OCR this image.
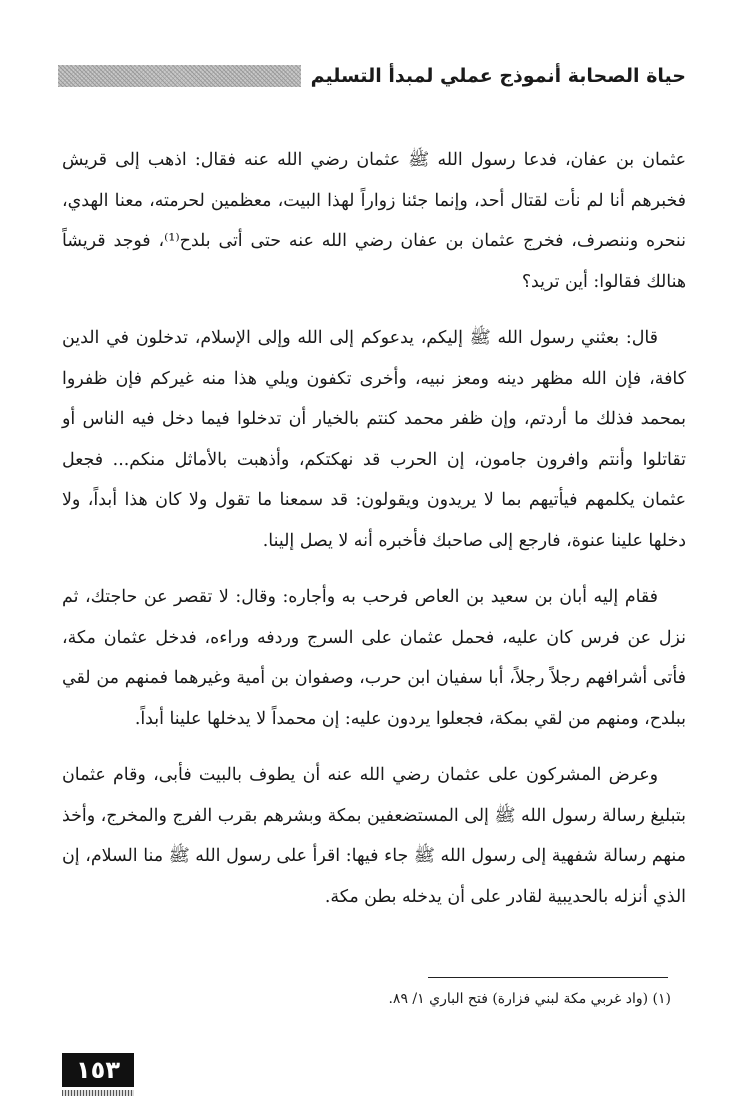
حياة الصحابة أنموذج عملي لمبدأ التسليم

عثمان بن عفان، فدعا رسول الله ﷺ عثمان رضي الله عنه فقال: اذهب إلى قريش فخبرهم أنا لم نأت لقتال أحد، وإنما جئنا زواراً لهذا البيت، معظمين لحرمته، معنا الهدي، ننحره وننصرف، فخرج عثمان بن عفان رضي الله عنه حتى أتى بلدح⁽¹⁾، فوجد قريشاً هنالك فقالوا: أين تريد؟

قال: بعثني رسول الله ﷺ إليكم، يدعوكم إلى الله وإلى الإسلام، تدخلون في الدين كافة، فإن الله مظهر دينه ومعز نبيه، وأخرى تكفون ويلي هذا منه غيركم فإن ظفروا بمحمد فذلك ما أردتم، وإن ظفر محمد كنتم بالخيار أن تدخلوا فيما دخل فيه الناس أو تقاتلوا وأنتم وافرون جامون، إن الحرب قد نهكتكم، وأذهبت بالأماثل منكم... فجعل عثمان يكلمهم فيأتيهم بما لا يريدون ويقولون: قد سمعنا ما تقول ولا كان هذا أبداً، ولا دخلها علينا عنوة، فارجع إلى صاحبك فأخبره أنه لا يصل إلينا.

فقام إليه أبان بن سعيد بن العاص فرحب به وأجاره: وقال: لا تقصر عن حاجتك، ثم نزل عن فرس كان عليه، فحمل عثمان على السرج وردفه وراءه، فدخل عثمان مكة، فأتى أشرافهم رجلاً رجلاً، أبا سفيان ابن حرب، وصفوان بن أمية وغيرهما فمنهم من لقي ببلدح، ومنهم من لقي بمكة، فجعلوا يردون عليه: إن محمداً لا يدخلها علينا أبداً.

وعرض المشركون على عثمان رضي الله عنه أن يطوف بالبيت فأبى، وقام عثمان بتبليغ رسالة رسول الله ﷺ إلى المستضعفين بمكة وبشرهم بقرب الفرج والمخرج، وأخذ منهم رسالة شفهية إلى رسول الله ﷺ جاء فيها: اقرأ على رسول الله ﷺ منا السلام، إن الذي أنزله بالحديبية لقادر على أن يدخله بطن مكة.

(١) (واد غربي مكة لبني فزارة) فتح الباري ١/ ٨٩.
١٥٣
